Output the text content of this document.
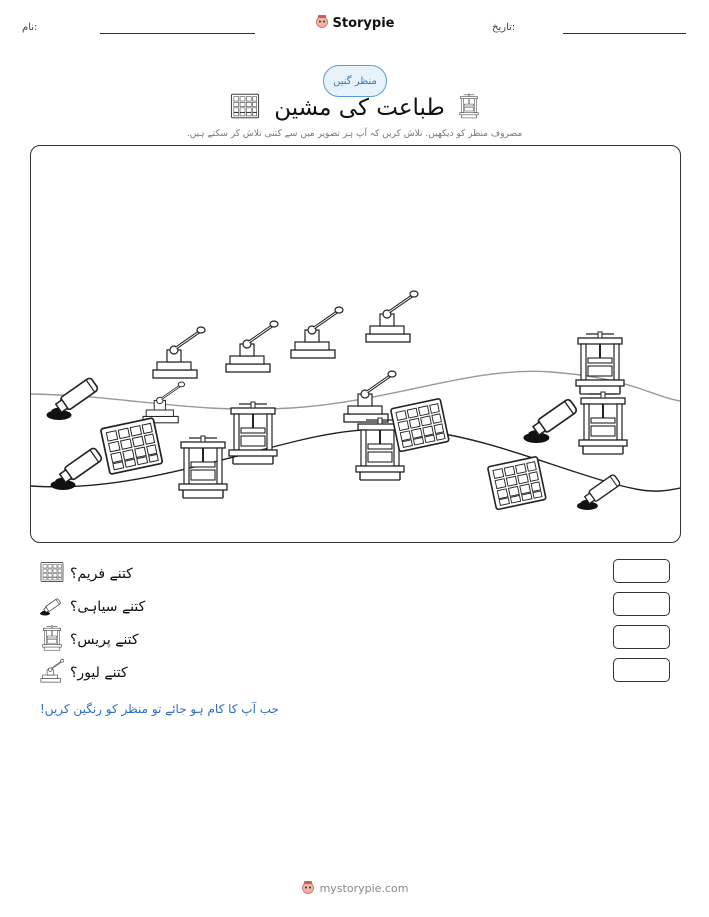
نام:	Storypie	تاریخ:
منظر گنیں
طباعت کی مشین
مصروف منظر کو دیکھیں. تلاش کریں کہ آپ ہر تصویر میں سے کتنی تلاش کر سکتے ہیں.
کتنے فریم؟
کتنے سیاہی؟
کتنے پریس؟
کتنے لیور؟
جب آپ کا کام ہو جائے تو منظر کو رنگین کریں!
mystorypie.com
